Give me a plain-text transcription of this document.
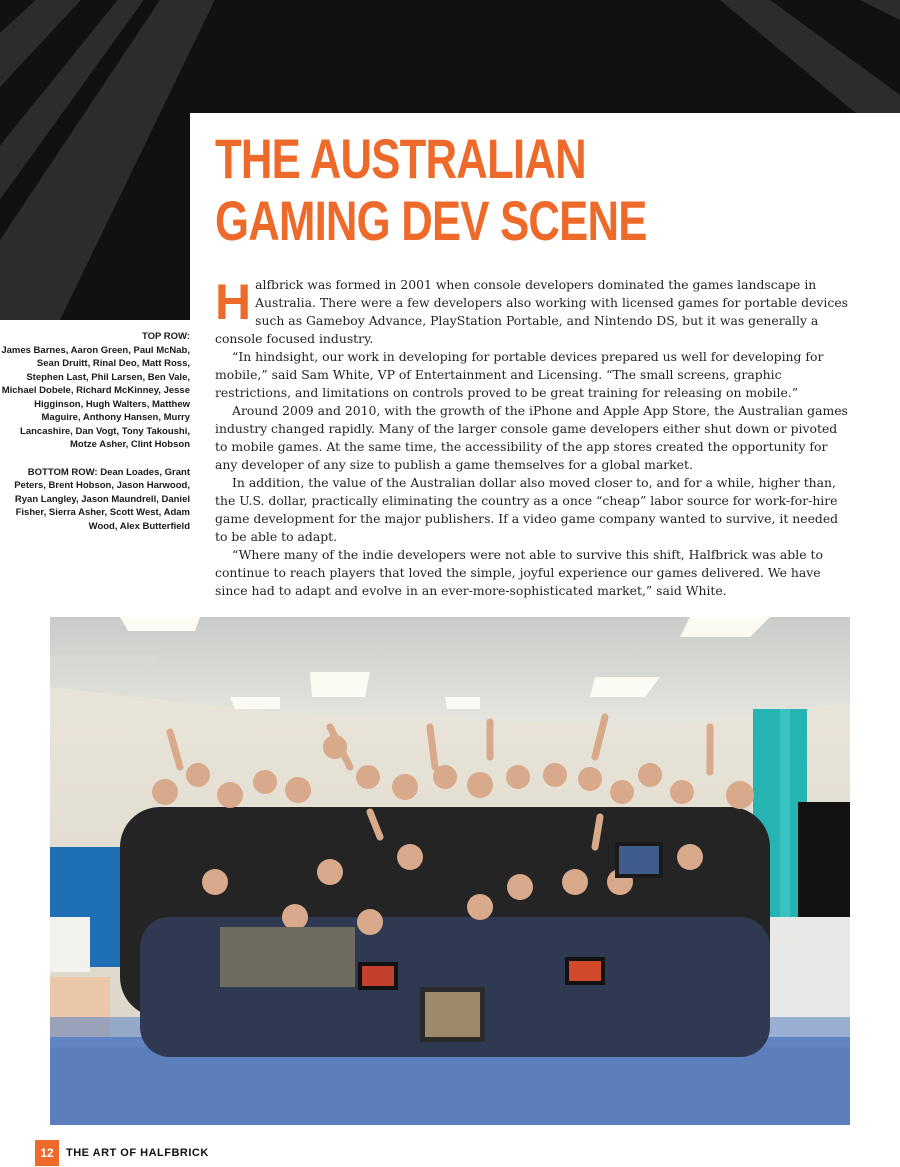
THE AUSTRALIAN
GAMING DEV SCENE

TOP ROW:
James Barnes, Aaron Green, Paul McNab, Sean Druitt, Rinal Deo, Matt Ross, Stephen Last, Phil Larsen, Ben Vale, Michael Dobele, Richard McKinney, Jesse Higginson, Hugh Walters, Matthew Maguire, Anthony Hansen, Murry Lancashire, Dan Vogt, Tony Takoushi, Motze Asher, Clint Hobson

BOTTOM ROW: Dean Loades, Grant Peters, Brent Hobson, Jason Harwood, Ryan Langley, Jason Maundrell, Daniel Fisher, Sierra Asher, Scott West, Adam Wood, Alex Butterfield

Halfbrick was formed in 2001 when console developers dominated the games landscape in Australia. There were a few developers also working with licensed games for portable devices such as Gameboy Advance, PlayStation Portable, and Nintendo DS, but it was generally a console focused industry.

“In hindsight, our work in developing for portable devices prepared us well for developing for mobile,” said Sam White, VP of Entertainment and Licensing. “The small screens, graphic restrictions, and limitations on controls proved to be great training for releasing on mobile.”

Around 2009 and 2010, with the growth of the iPhone and Apple App Store, the Australian games industry changed rapidly. Many of the larger console game developers either shut down or pivoted to mobile games. At the same time, the accessibility of the app stores created the opportunity for any developer of any size to publish a game themselves for a global market.

In addition, the value of the Australian dollar also moved closer to, and for a while, higher than, the U.S. dollar, practically eliminating the country as a once “cheap” labor source for work-for-hire game development for the major publishers. If a video game company wanted to survive, it needed to be able to adapt.

“Where many of the indie developers were not able to survive this shift, Halfbrick was able to continue to reach players that loved the simple, joyful experience our games delivered. We have since had to adapt and evolve in an ever-more-sophisticated market,” said White.

12	THE ART OF HALFBRICK
